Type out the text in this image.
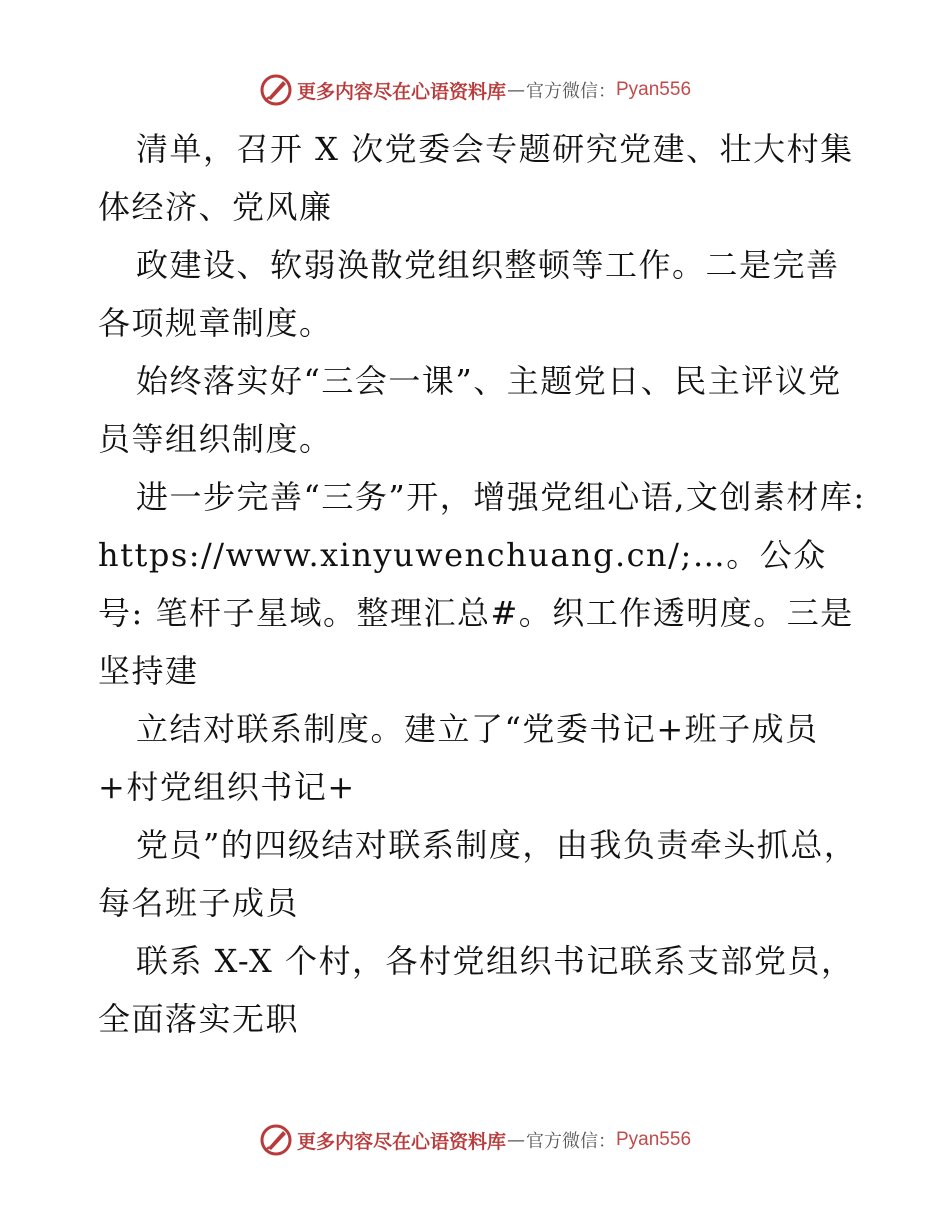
更多内容尽在心语资料库 — 官方微信： Pyan556

清单，召开 X 次党委会专题研究党建、壮大村集体经济、党风廉

政建设、软弱涣散党组织整顿等工作。二是完善各项规章制度。

始终落实好“三会一课”、主题党日、民主评议党员等组织制度。

进一步完善“三务”开，增强党组心语,文创素材库: https://www.xinyuwenchuang.cn/;…。公众号: 笔杆子星域。整理汇总#。织工作透明度。三是坚持建

立结对联系制度。建立了“党委书记+班子成员+村党组织书记+

党员”的四级结对联系制度，由我负责牵头抓总，每名班子成员

联系 X-X 个村，各村党组织书记联系支部党员，全面落实无职

更多内容尽在心语资料库 — 官方微信： Pyan556
